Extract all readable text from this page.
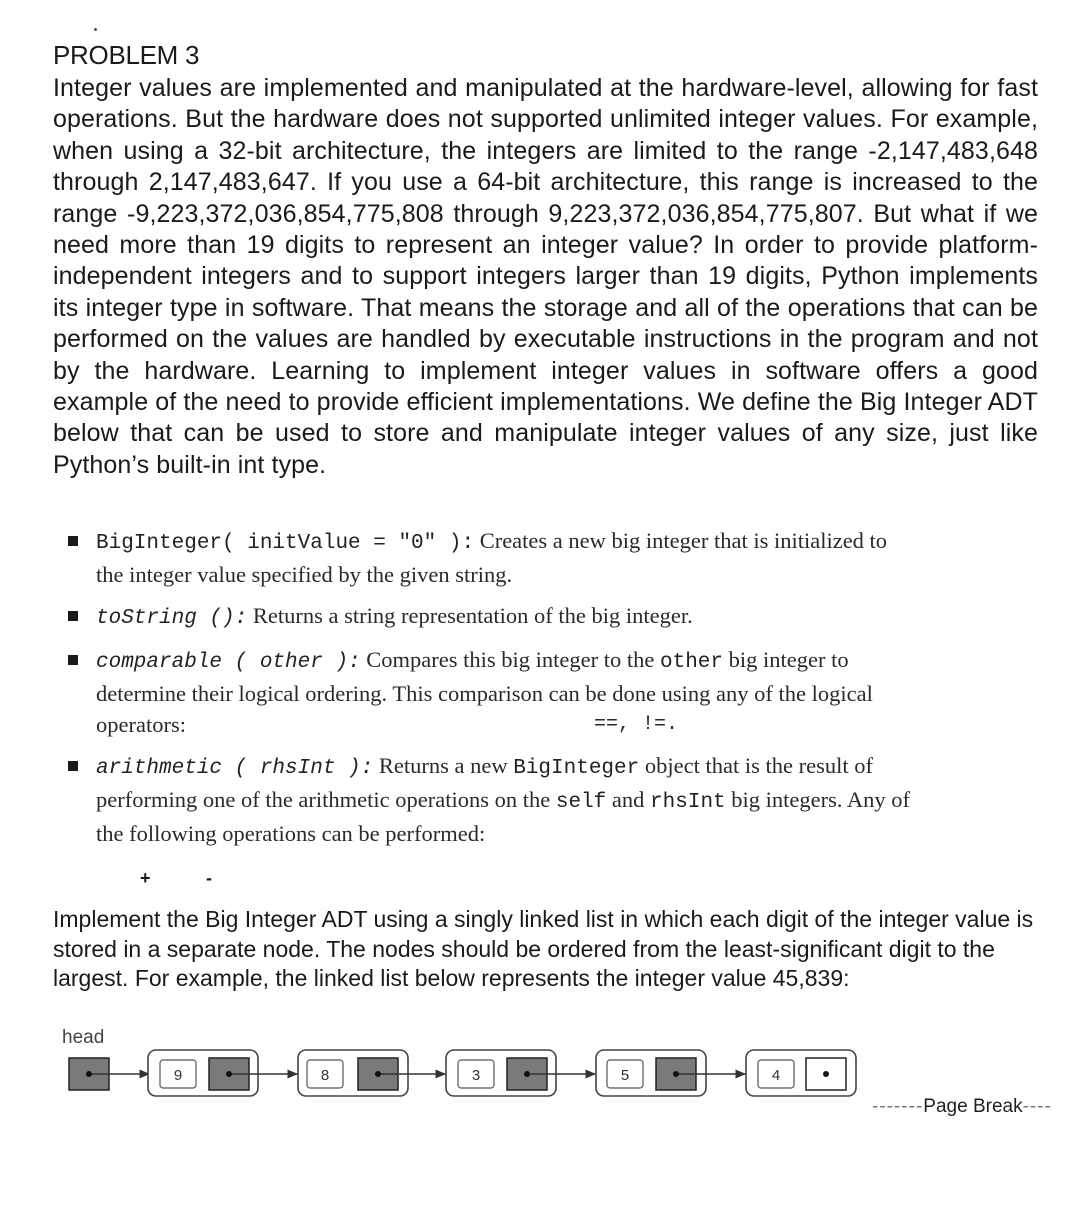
PROBLEM 3
Integer values are implemented and manipulated at the hardware-level, allowing for fast operations. But the hardware does not supported unlimited integer values. For example, when using a 32-bit architecture, the integers are limited to the range -2,147,483,648 through 2,147,483,647. If you use a 64-bit architecture, this range is increased to the range -9,223,372,036,854,775,808 through 9,223,372,036,854,775,807. But what if we need more than 19 digits to represent an integer value? In order to provide platform-independent integers and to support integers larger than 19 digits, Python implements its integer type in software. That means the storage and all of the operations that can be performed on the values are handled by executable instructions in the program and not by the hardware. Learning to implement integer values in software offers a good example of the need to provide efficient implementations. We define the Big Integer ADT below that can be used to store and manipulate integer values of any size, just like Python’s built-in int type.
BigInteger( initValue = "0" ): Creates a new big integer that is initialized to the integer value specified by the given string.
toString (): Returns a string representation of the big integer.
comparable ( other ): Compares this big integer to the other big integer to determine their logical ordering. This comparison can be done using any of the logical operators:	==, !=.
arithmetic ( rhsInt ): Returns a new BigInteger object that is the result of performing one of the arithmetic operations on the self and rhsInt big integers. Any of the following operations can be performed:
+	-
Implement the Big Integer ADT using a singly linked list in which each digit of the integer value is stored in a separate node. The nodes should be ordered from the least-significant digit to the largest. For example, the linked list below represents the integer value 45,839:
head
9	8	3	5	4
-------Page Break----
